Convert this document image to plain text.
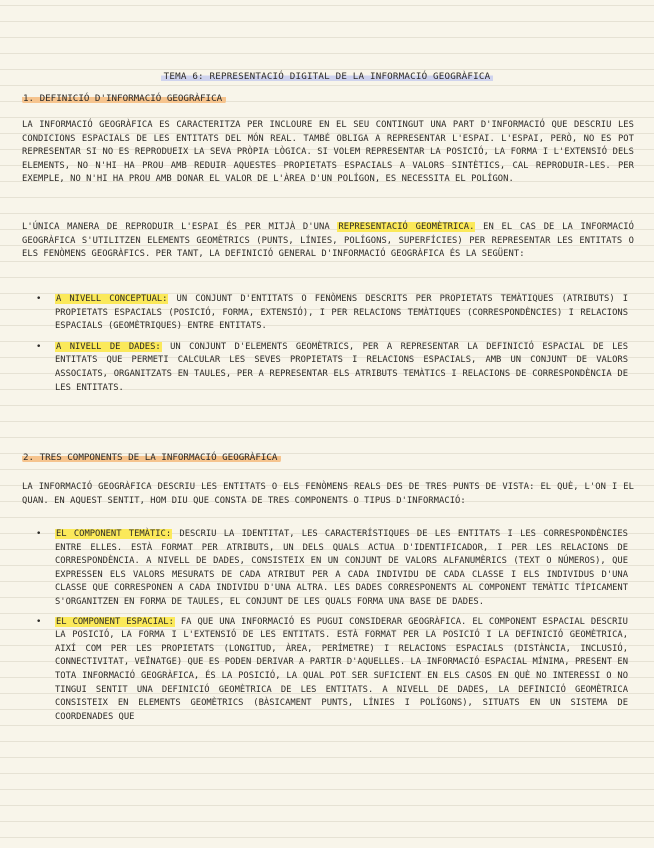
TEMA 6: REPRESENTACIÓ DIGITAL DE LA INFORMACIÓ GEOGRÀFICA
1. DEFINICIÓ D'INFORMACIÓ GEOGRÀFICA
LA INFORMACIÓ GEOGRÀFICA ES CARACTERITZA PER INCLOURE EN EL SEU CONTINGUT UNA PART D'INFORMACIÓ QUE DESCRIU LES CONDICIONS ESPACIALS DE LES ENTITATS DEL MÓN REAL. TAMBÉ OBLIGA A REPRESENTAR L'ESPAI. L'ESPAI, PERÒ, NO ES POT REPRESENTAR SI NO ES REPRODUEIX LA SEVA PRÒPIA LÒGICA. SI VOLEM REPRESENTAR LA POSICIÓ, LA FORMA I L'EXTENSIÓ DELS ELEMENTS, NO N'HI HA PROU AMB REDUIR AQUESTES PROPIETATS ESPACIALS A VALORS SINTÈTICS, CAL REPRODUIR-LES. PER EXEMPLE, NO N'HI HA PROU AMB DONAR EL VALOR DE L'ÀREA D'UN POLÍGON, ES NECESSITA EL POLÍGON.
L'ÚNICA MANERA DE REPRODUIR L'ESPAI ÉS PER MITJÀ D'UNA REPRESENTACIÓ GEOMÈTRICA. EN EL CAS DE LA INFORMACIÓ GEOGRÀFICA S'UTILITZEN ELEMENTS GEOMÈTRICS (PUNTS, LÍNIES, POLÍGONS, SUPERFÍCIES) PER REPRESENTAR LES ENTITATS O ELS FENÒMENS GEOGRÀFICS. PER TANT, LA DEFINICIÓ GENERAL D'INFORMACIÓ GEOGRÀFICA ÉS LA SEGÜENT:
• A NIVELL CONCEPTUAL: UN CONJUNT D'ENTITATS O FENÒMENS DESCRITS PER PROPIETATS TEMÀTIQUES (ATRIBUTS) I PROPIETATS ESPACIALS (POSICIÓ, FORMA, EXTENSIÓ), I PER RELACIONS TEMÀTIQUES (CORRESPONDÈNCIES) I RELACIONS ESPACIALS (GEOMÈTRIQUES) ENTRE ENTITATS.
• A NIVELL DE DADES: UN CONJUNT D'ELEMENTS GEOMÈTRICS, PER A REPRESENTAR LA DEFINICIÓ ESPACIAL DE LES ENTITATS QUE PERMETI CALCULAR LES SEVES PROPIETATS I RELACIONS ESPACIALS, AMB UN CONJUNT DE VALORS ASSOCIATS, ORGANITZATS EN TAULES, PER A REPRESENTAR ELS ATRIBUTS TEMÀTICS I RELACIONS DE CORRESPONDÈNCIA DE LES ENTITATS.
2. TRES COMPONENTS DE LA INFORMACIÓ GEOGRÀFICA
LA INFORMACIÓ GEOGRÀFICA DESCRIU LES ENTITATS O ELS FENÒMENS REALS DES DE TRES PUNTS DE VISTA: EL QUÈ, L'ON I EL QUAN. EN AQUEST SENTIT, HOM DIU QUE CONSTA DE TRES COMPONENTS O TIPUS D'INFORMACIÓ:
• EL COMPONENT TEMÀTIC: DESCRIU LA IDENTITAT, LES CARACTERÍSTIQUES DE LES ENTITATS I LES CORRESPONDÈNCIES ENTRE ELLES. ESTÀ FORMAT PER ATRIBUTS, UN DELS QUALS ACTUA D'IDENTIFICADOR, I PER LES RELACIONS DE CORRESPONDÈNCIA. A NIVELL DE DADES, CONSISTEIX EN UN CONJUNT DE VALORS ALFANUMÈRICS (TEXT O NÚMEROS), QUE EXPRESSEN ELS VALORS MESURATS DE CADA ATRIBUT PER A CADA INDIVIDU DE CADA CLASSE I ELS INDIVIDUS D'UNA CLASSE QUE CORRESPONEN A CADA INDIVIDU D'UNA ALTRA. LES DADES CORRESPONENTS AL COMPONENT TEMÀTIC TÍPICAMENT S'ORGANITZEN EN FORMA DE TAULES, EL CONJUNT DE LES QUALS FORMA UNA BASE DE DADES.
• EL COMPONENT ESPACIAL: FA QUE UNA INFORMACIÓ ES PUGUI CONSIDERAR GEOGRÀFICA. EL COMPONENT ESPACIAL DESCRIU LA POSICIÓ, LA FORMA I L'EXTENSIÓ DE LES ENTITATS. ESTÀ FORMAT PER LA POSICIÓ I LA DEFINICIÓ GEOMÈTRICA, AIXÍ COM PER LES PROPIETATS (LONGITUD, ÀREA, PERÍMETRE) I RELACIONS ESPACIALS (DISTÀNCIA, INCLUSIÓ, CONNECTIVITAT, VEÏNATGE) QUE ES PODEN DERIVAR A PARTIR D'AQUELLES. LA INFORMACIÓ ESPACIAL MÍNIMA, PRESENT EN TOTA INFORMACIÓ GEOGRÀFICA, ÉS LA POSICIÓ, LA QUAL POT SER SUFICIENT EN ELS CASOS EN QUÈ NO INTERESSI O NO TINGUI SENTIT UNA DEFINICIÓ GEOMÈTRICA DE LES ENTITATS. A NIVELL DE DADES, LA DEFINICIÓ GEOMÈTRICA CONSISTEIX EN ELEMENTS GEOMÈTRICS (BÀSICAMENT PUNTS, LÍNIES I POLÍGONS), SITUATS EN UN SISTEMA DE COORDENADES QUE
